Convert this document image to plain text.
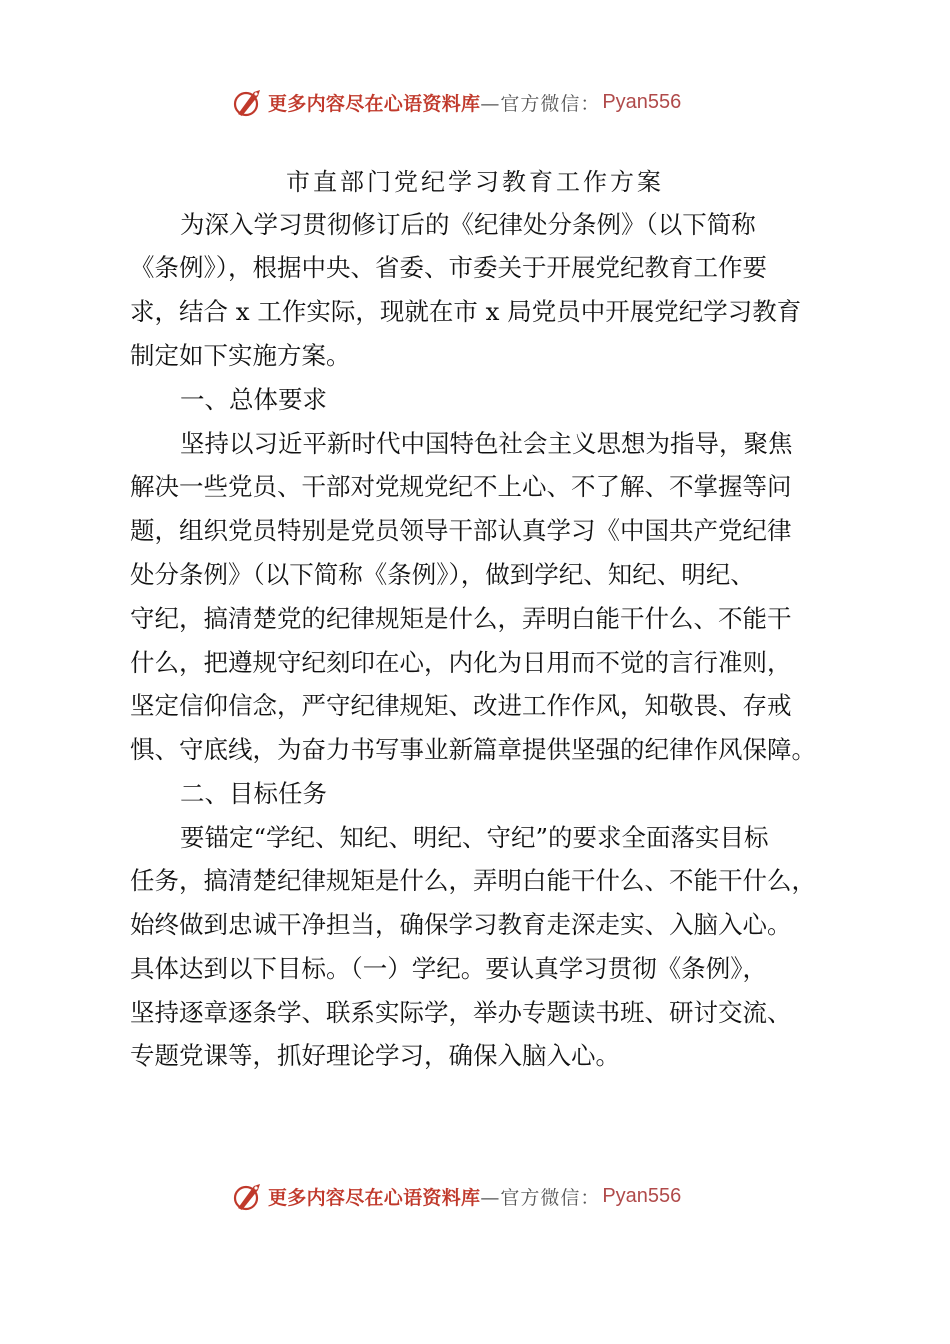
更多内容尽在心语资料库 —官方微信： Pyan556
市直部门党纪学习教育工作方案
为深入学习贯彻修订后的《纪律处分条例》（以下简称
《条例》），根据中央、省委、市委关于开展党纪教育工作要
求，结合 x 工作实际，现就在市 x 局党员中开展党纪学习教育
制定如下实施方案。
一、总体要求
坚持以习近平新时代中国特色社会主义思想为指导，聚焦
解决一些党员、干部对党规党纪不上心、不了解、不掌握等问
题，组织党员特别是党员领导干部认真学习《中国共产党纪律
处分条例》（以下简称《条例》），做到学纪、知纪、明纪、
守纪，搞清楚党的纪律规矩是什么，弄明白能干什么、不能干
什么，把遵规守纪刻印在心，内化为日用而不觉的言行准则，
坚定信仰信念，严守纪律规矩、改进工作作风，知敬畏、存戒
惧、守底线，为奋力书写事业新篇章提供坚强的纪律作风保障。
二、目标任务
要锚定“学纪、知纪、明纪、守纪”的要求全面落实目标
任务，搞清楚纪律规矩是什么，弄明白能干什么、不能干什么，
始终做到忠诚干净担当，确保学习教育走深走实、入脑入心。
具体达到以下目标。（一）学纪。要认真学习贯彻《条例》，
坚持逐章逐条学、联系实际学，举办专题读书班、研讨交流、
专题党课等，抓好理论学习，确保入脑入心。
更多内容尽在心语资料库 —官方微信： Pyan556
